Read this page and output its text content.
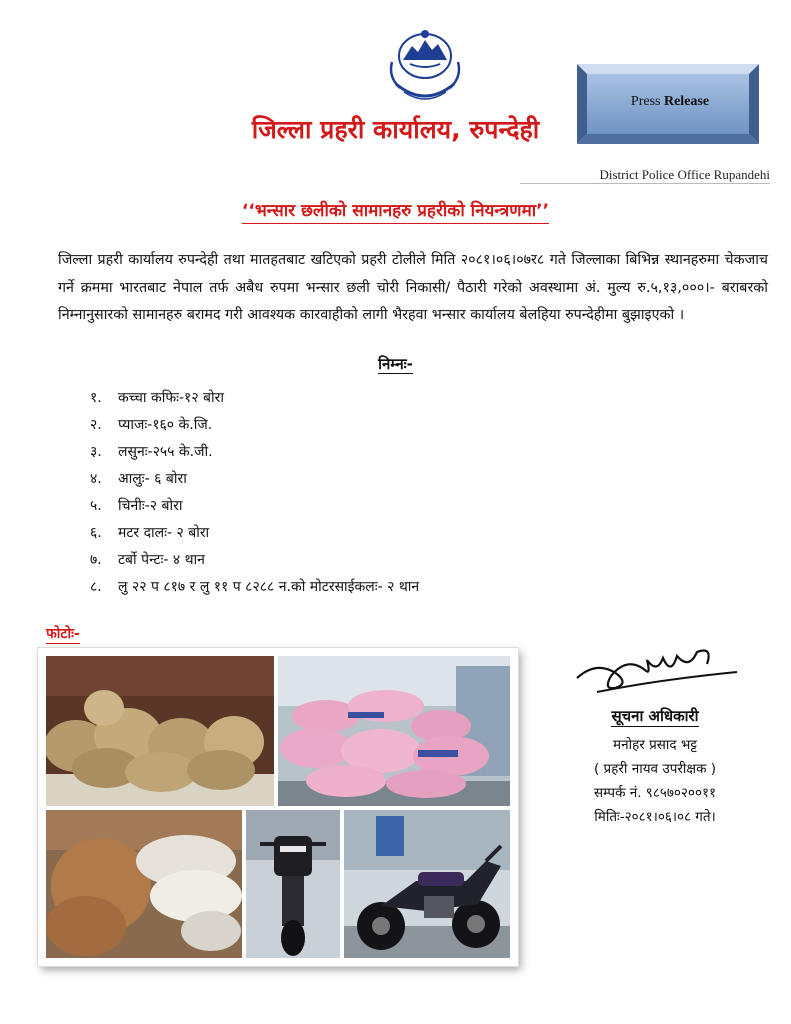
जिल्ला प्रहरी कार्यालय, रुपन्देही
Press Release
District Police Office Rupandehi
‘‘भन्सार छलीको सामानहरु प्रहरीको नियन्त्रणमा’’

जिल्ला प्रहरी कार्यालय रुपन्देही तथा मातहतबाट खटिएको प्रहरी टोलीले मिति २०८१।०६।०७र८ गते जिल्लाका बिभिन्न स्थानहरुमा चेकजाच गर्ने क्रममा भारतबाट नेपाल तर्फ अबैध रुपमा भन्सार छली चोरी निकासी/ पैठारी गरेको अवस्थामा अं. मुल्य रु.५,१३,०००।- बराबरको निम्नानुसारको सामानहरु बरामद गरी आवश्यक कारवाहीको लागी भैरहवा भन्सार कार्यालय बेलहिया रुपन्देहीमा बुझाइएको ।

निम्नः-
१. कच्चा कफिः-१२ बोरा
२. प्याजः-१६० के.जि.
३. लसुनः-२५५ के.जी.
४. आलुः- ६ बोरा
५. चिनीः-२ बोरा
६. मटर दालः- २ बोरा
७. टर्बो पेन्टः- ४ थान
८. लु २२ प ८१७ र लु ११ प ८२८८ न.को मोटरसाईकलः- २ थान
फोटोः-
सूचना अधिकारी
मनोहर प्रसाद भट्ट
( प्रहरी नायव उपरीक्षक )
सम्पर्क नं. ९८५७०२००११
मितिः-२०८१।०६।०८ गते।
